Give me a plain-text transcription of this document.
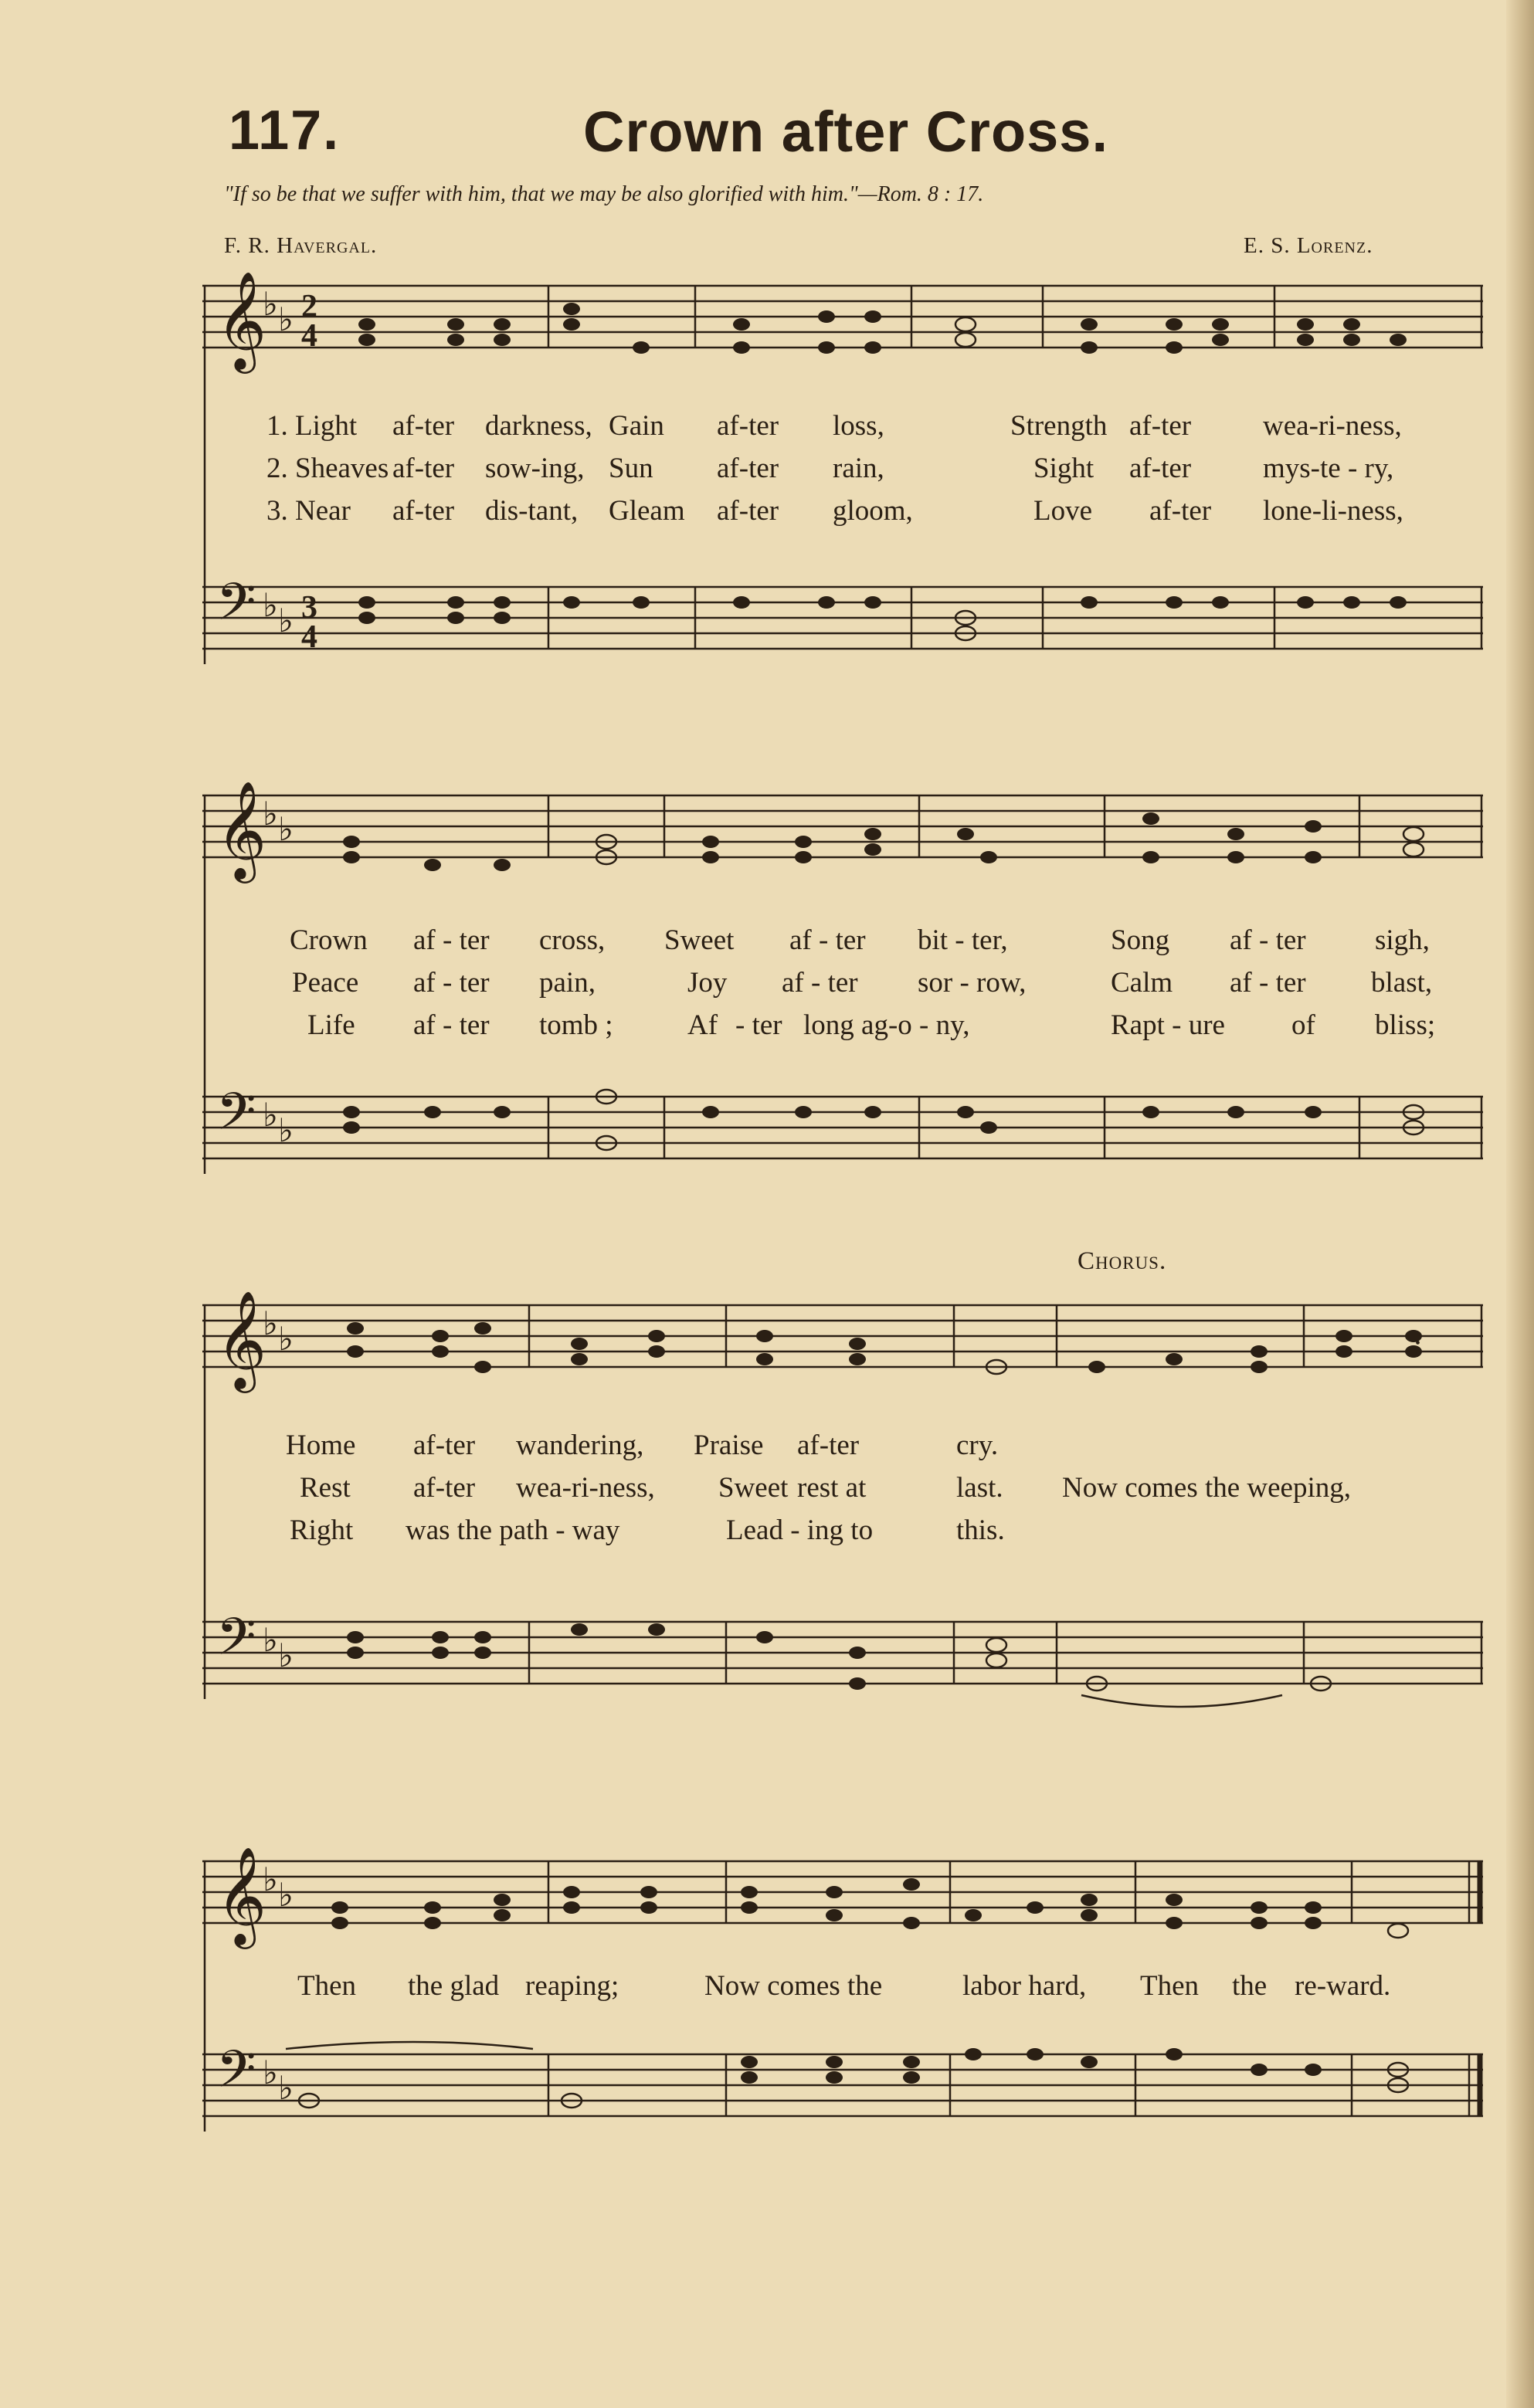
117.	Crown after Cross.
"If so be that we suffer with him, that we may be also glorified with him."—Rom. 8 : 17.
F. R. Havergal.	E. S. Lorenz.
𝄞
𝄢
♭ ♭
♭ ♭
2
4
3
4
1. Light af-ter darkness, Gain af-ter loss,	Strength af-ter	wea-ri-ness,
2. Sheaves af-ter sow-ing, Sun af-ter rain,	Sight af-ter	mys-te - ry,
3. Near af-ter dis-tant, Gleam af-ter gloom,	Love af-ter lone-li-ness,
𝄞
𝄢
♭ ♭
♭ ♭
Crown af - ter cross, Sweet af - ter bit - ter,	Song af - ter sigh,
Peace af - ter pain,	Joy af - ter sor - row,	Calm af - ter blast,
Life af - ter tomb ;	Af - ter long ag-o - ny,	Rapt - ure of bliss;
Chorus.
𝄞
𝄢
♭ ♭
♭ ♭
:
Home af-ter wandering, Praise af-ter	cry.
Rest af-ter wea-ri-ness, Sweet rest at	last. Now comes the weeping,
Right was the path - way	Lead - ing to	this.
𝄞
𝄢
♭ ♭
♭ ♭
Then the glad reaping;	Now comes the	labor hard, Then the re-ward.
